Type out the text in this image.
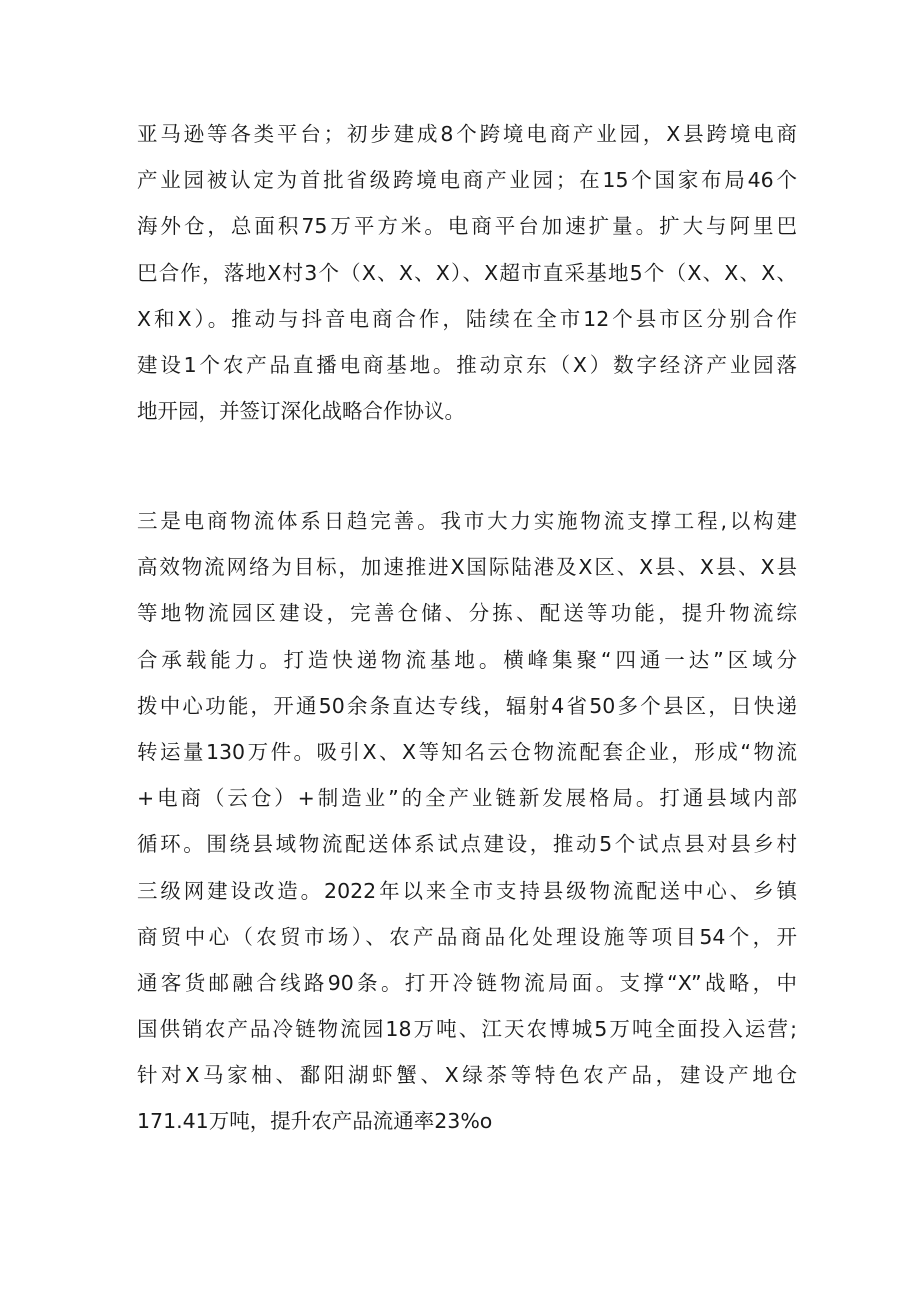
亚马逊等各类平台；初步建成8个跨境电商产业园，X县跨境电商
产业园被认定为首批省级跨境电商产业园；在15个国家布局46个
海外仓，总面积75万平方米。电商平台加速扩量。扩大与阿里巴
巴合作，落地X村3个（X、X、X）、X超市直采基地5个（X、X、X、
X和X）。推动与抖音电商合作，陆续在全市12个县市区分别合作
建设1个农产品直播电商基地。推动京东（X）数字经济产业园落
地开园，并签订深化战略合作协议。
三是电商物流体系日趋完善。我市大力实施物流支撑工程,以构建
高效物流网络为目标，加速推进X国际陆港及X区、X县、X县、X县
等地物流园区建设，完善仓储、分拣、配送等功能，提升物流综
合承载能力。打造快递物流基地。横峰集聚“四通一达”区域分
拨中心功能，开通50余条直达专线，辐射4省50多个县区，日快递
转运量130万件。吸引X、X等知名云仓物流配套企业，形成“物流
+电商（云仓）+制造业”的全产业链新发展格局。打通县域内部
循环。围绕县域物流配送体系试点建设，推动5个试点县对县乡村
三级网建设改造。2022年以来全市支持县级物流配送中心、乡镇
商贸中心（农贸市场）、农产品商品化处理设施等项目54个，开
通客货邮融合线路90条。打开冷链物流局面。支撑“X”战略，中
国供销农产品冷链物流园18万吨、江天农博城5万吨全面投入运营;
针对X马家柚、鄱阳湖虾蟹、X绿茶等特色农产品，建设产地仓
171.41万吨，提升农产品流通率23%o
